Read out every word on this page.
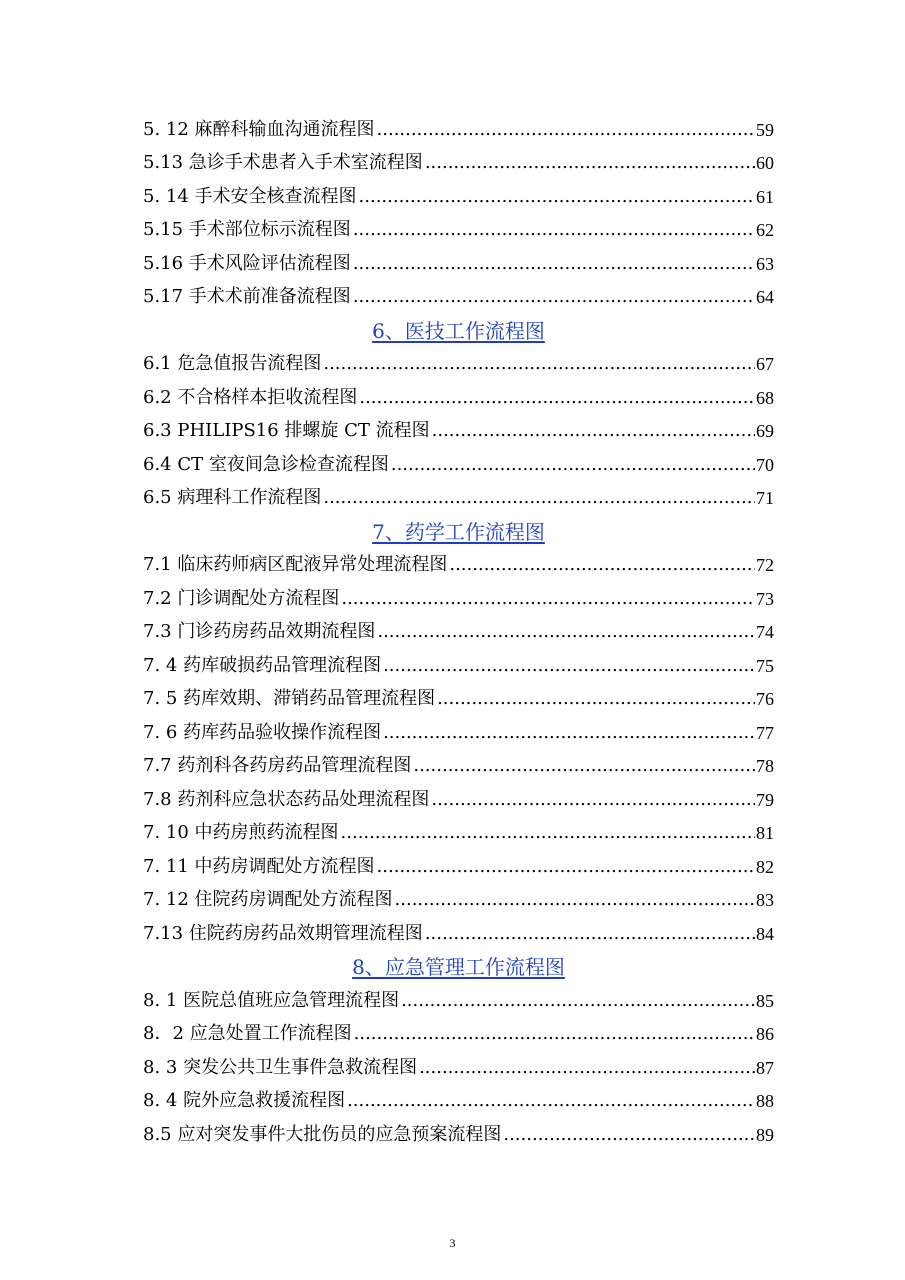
5. 12 麻醉科输血沟通流程图 .....	59
5.13 急诊手术患者入手术室流程图 .....	60
5. 14 手术安全核查流程图 .....	61
5.15 手术部位标示流程图 .....	62
5.16 手术风险评估流程图 .....	63
5.17 手术术前准备流程图 .....	64
6、医技工作流程图
6.1 危急值报告流程图 .....	67
6.2 不合格样本拒收流程图 .....	68
6.3 PHILIPS16 排螺旋 CT 流程图 .....	69
6.4 CT 室夜间急诊检查流程图 .....	70
6.5 病理科工作流程图 .....	71
7、药学工作流程图
7.1 临床药师病区配液异常处理流程图 .....	72
7.2 门诊调配处方流程图 .....	73
7.3 门诊药房药品效期流程图 .....	74
7. 4 药库破损药品管理流程图 .....	75
7. 5 药库效期、滞销药品管理流程图 .....	76
7. 6 药库药品验收操作流程图 .....	77
7.7 药剂科各药房药品管理流程图 .....	78
7.8 药剂科应急状态药品处理流程图 .....	79
7. 10 中药房煎药流程图 .....	81
7. 11 中药房调配处方流程图 .....	82
7. 12 住院药房调配处方流程图 .....	83
7.13 住院药房药品效期管理流程图 .....	84
8、应急管理工作流程图
8. 1 医院总值班应急管理流程图 .....	85
8．2 应急处置工作流程图 .....	86
8. 3 突发公共卫生事件急救流程图 .....	87
8. 4 院外应急救援流程图 .....	88
8.5 应对突发事件大批伤员的应急预案流程图 .....	89
3
